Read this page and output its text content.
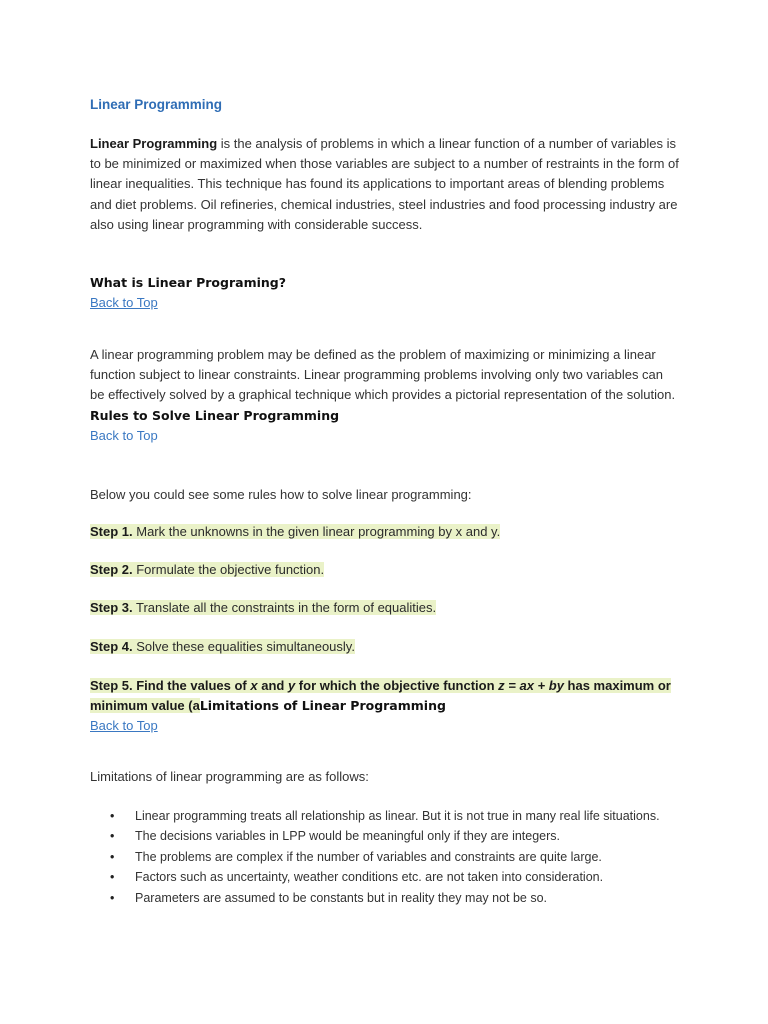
Linear Programming

Linear Programming is the analysis of problems in which a linear function of a number of variables is to be minimized or maximized when those variables are subject to a number of restraints in the form of linear inequalities. This technique has found its applications to important areas of blending problems and diet problems. Oil refineries, chemical industries, steel industries and food processing industry are also using linear programming with considerable success.

What is Linear Programing?
Back to Top

A linear programming problem may be defined as the problem of maximizing or minimizing a linear function subject to linear constraints. Linear programming problems involving only two variables can be effectively solved by a graphical technique which provides a pictorial representation of the solution.

Rules to Solve Linear Programming
Back to Top
Below you could see some rules how to solve linear programming:
Step 1. Mark the unknowns in the given linear programming by x and y.
Step 2. Formulate the objective function.
Step 3. Translate all the constraints in the form of equalities.
Step 4. Solve these equalities simultaneously.
Step 5. Find the values of x and y for which the objective function z = ax + by has maximum or minimum value (aLimitations of Linear Programming
Back to Top
Limitations of linear programming are as follows:
• Linear programming treats all relationship as linear. But it is not true in many real life situations.
• The decisions variables in LPP would be meaningful only if they are integers.
• The problems are complex if the number of variables and constraints are quite large.
• Factors such as uncertainty, weather conditions etc. are not taken into consideration.
• Parameters are assumed to be constants but in reality they may not be so.
